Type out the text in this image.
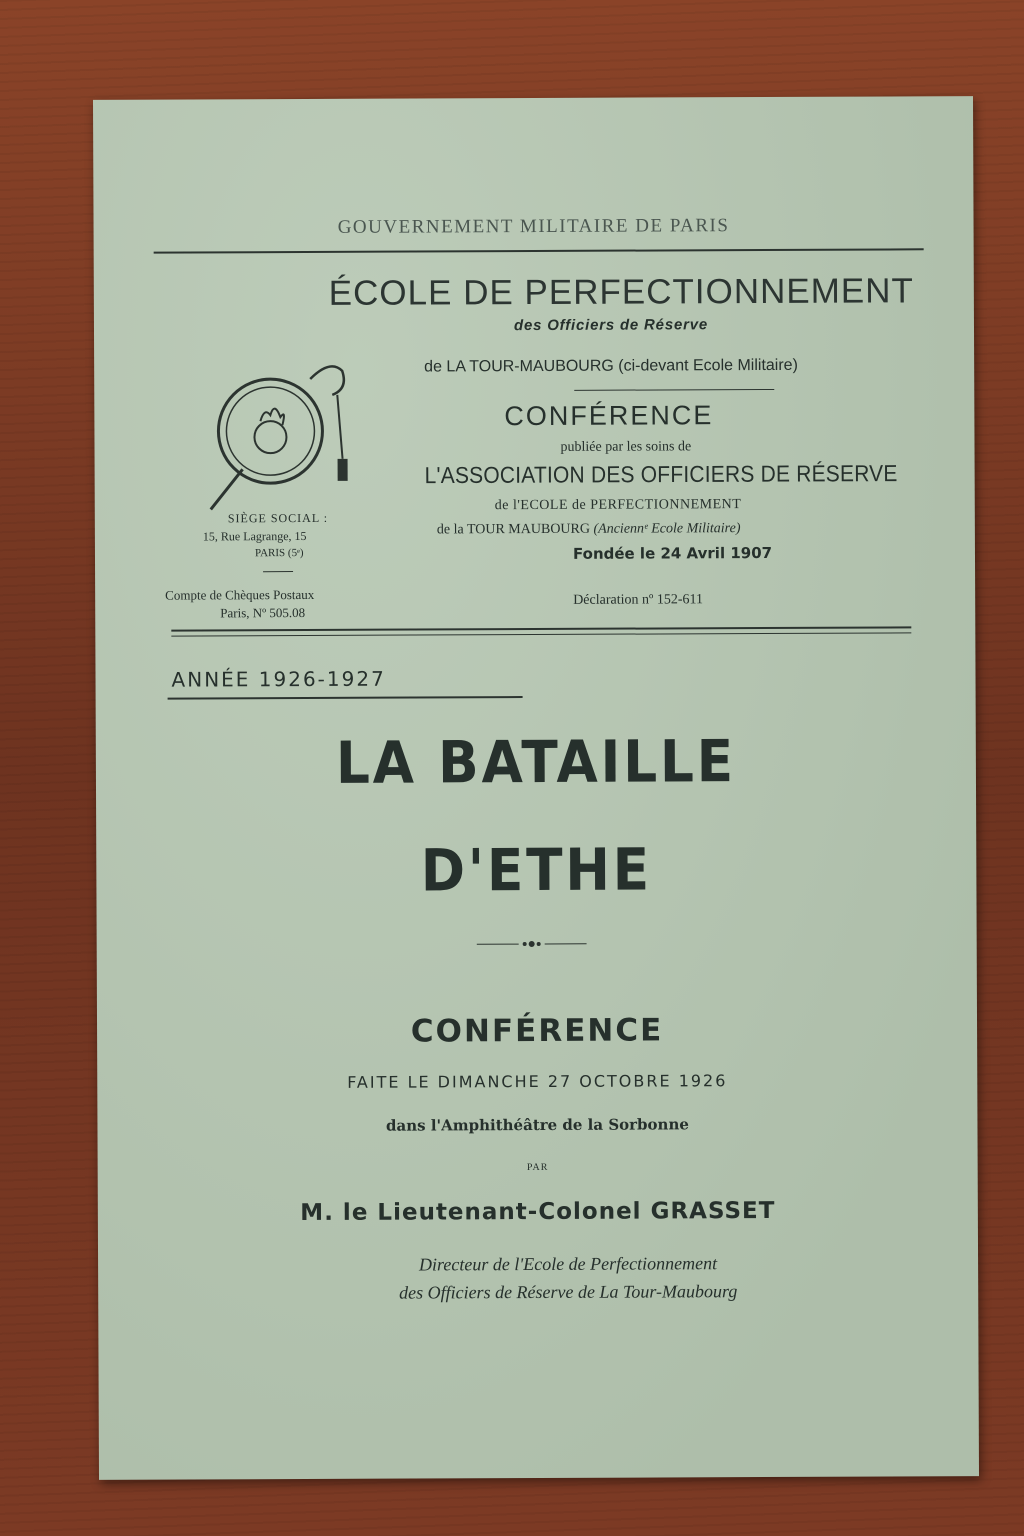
GOUVERNEMENT MILITAIRE DE PARIS
ÉCOLE DE PERFECTIONNEMENT
des Officiers de Réserve
de LA TOUR-MAUBOURG (ci-devant Ecole Militaire)
CONFÉRENCE
publiée par les soins de
L'ASSOCIATION DES OFFICIERS DE RÉSERVE
de l'ECOLE de PERFECTIONNEMENT
de la TOUR MAUBOURG (Anciennᵉ Ecole Militaire)
Fondée le 24 Avril 1907
Déclaration nº 152-611
SIÈGE SOCIAL :
15, Rue Lagrange, 15
PARIS (5ᵉ)
Compte de Chèques Postaux
Paris, Nº 505.08
ANNÉE 1926-1927
LA BATAILLE
D'ETHE
CONFÉRENCE
FAITE LE DIMANCHE 27 OCTOBRE 1926
dans l'Amphithéâtre de la Sorbonne
PAR
M. le Lieutenant-Colonel GRASSET
Directeur de l'Ecole de Perfectionnement
des Officiers de Réserve de La Tour-Maubourg
